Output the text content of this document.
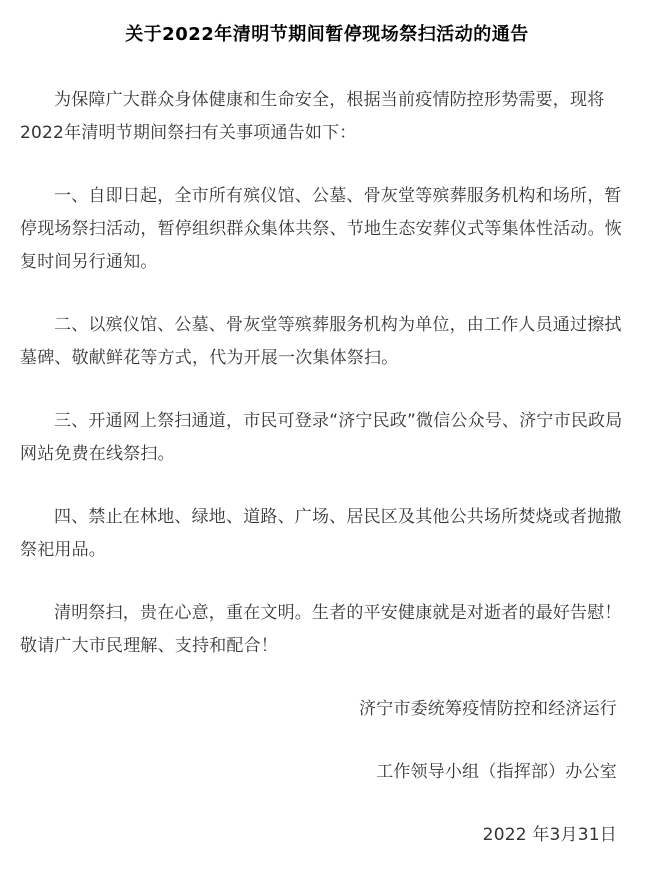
关于2022年清明节期间暂停现场祭扫活动的通告

为保障广大群众身体健康和生命安全，根据当前疫情防控形势需要，现将2022年清明节期间祭扫有关事项通告如下：

一、自即日起，全市所有殡仪馆、公墓、骨灰堂等殡葬服务机构和场所，暂停现场祭扫活动，暂停组织群众集体共祭、节地生态安葬仪式等集体性活动。恢复时间另行通知。

二、以殡仪馆、公墓、骨灰堂等殡葬服务机构为单位，由工作人员通过擦拭墓碑、敬献鲜花等方式，代为开展一次集体祭扫。

三、开通网上祭扫通道，市民可登录“济宁民政”微信公众号、济宁市民政局网站免费在线祭扫。

四、禁止在林地、绿地、道路、广场、居民区及其他公共场所焚烧或者抛撒祭祀用品。

清明祭扫，贵在心意，重在文明。生者的平安健康就是对逝者的最好告慰！敬请广大市民理解、支持和配合！

济宁市委统筹疫情防控和经济运行

工作领导小组（指挥部）办公室

2022 年3月31日
